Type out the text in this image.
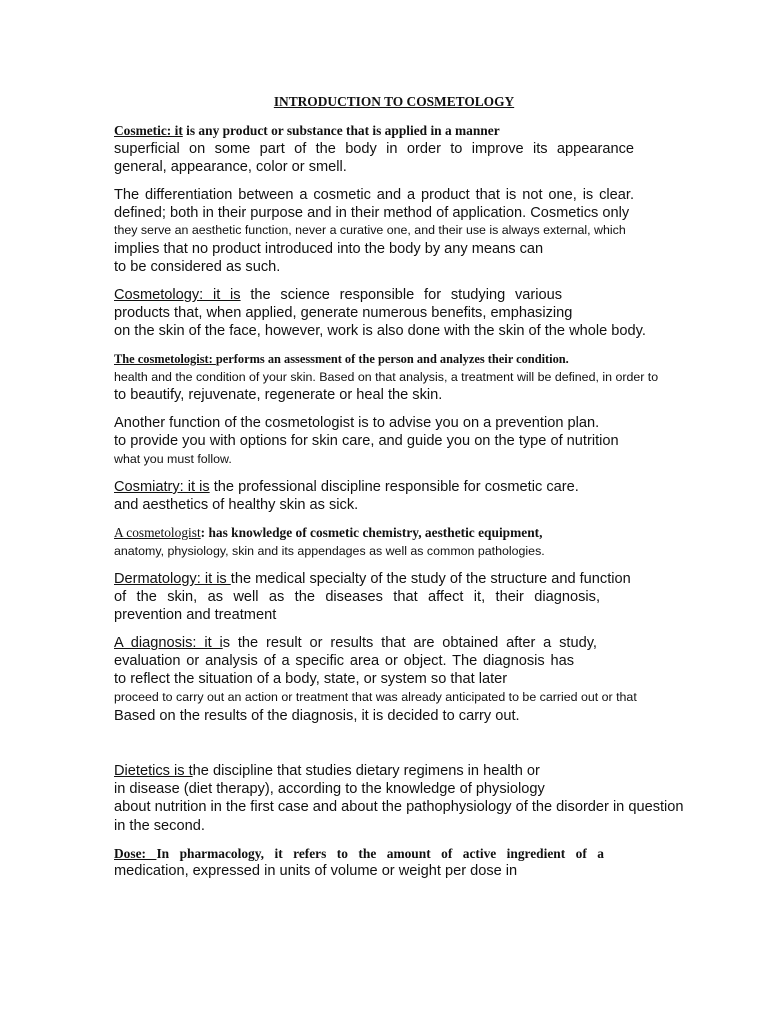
INTRODUCTION TO COSMETOLOGY
Cosmetic: it is any product or substance that is applied in a manner
superficial on some part of the body in order to improve its appearance
general, appearance, color or smell.
The differentiation between a cosmetic and a product that is not one, is clear.
defined; both in their purpose and in their method of application. Cosmetics only
they serve an aesthetic function, never a curative one, and their use is always external, which
implies that no product introduced into the body by any means can
to be considered as such.
Cosmetology: it is the science responsible for studying various
products that, when applied, generate numerous benefits, emphasizing
on the skin of the face, however, work is also done with the skin of the whole body.
The cosmetologist: performs an assessment of the person and analyzes their condition.
health and the condition of your skin. Based on that analysis, a treatment will be defined, in order to
to beautify, rejuvenate, regenerate or heal the skin.
Another function of the cosmetologist is to advise you on a prevention plan.
to provide you with options for skin care, and guide you on the type of nutrition
what you must follow.
Cosmiatry: it is the professional discipline responsible for cosmetic care.
and aesthetics of healthy skin as sick.
A cosmetologist: has knowledge of cosmetic chemistry, aesthetic equipment,
anatomy, physiology, skin and its appendages as well as common pathologies.
Dermatology: it is the medical specialty of the study of the structure and function
of the skin, as well as the diseases that affect it, their diagnosis,
prevention and treatment
A diagnosis: it is the result or results that are obtained after a study,
evaluation or analysis of a specific area or object. The diagnosis has
to reflect the situation of a body, state, or system so that later
proceed to carry out an action or treatment that was already anticipated to be carried out or that
Based on the results of the diagnosis, it is decided to carry out.
Dietetics is the discipline that studies dietary regimens in health or
in disease (diet therapy), according to the knowledge of physiology
about nutrition in the first case and about the pathophysiology of the disorder in question
in the second.
Dose: In pharmacology, it refers to the amount of active ingredient of a
medication, expressed in units of volume or weight per dose in
